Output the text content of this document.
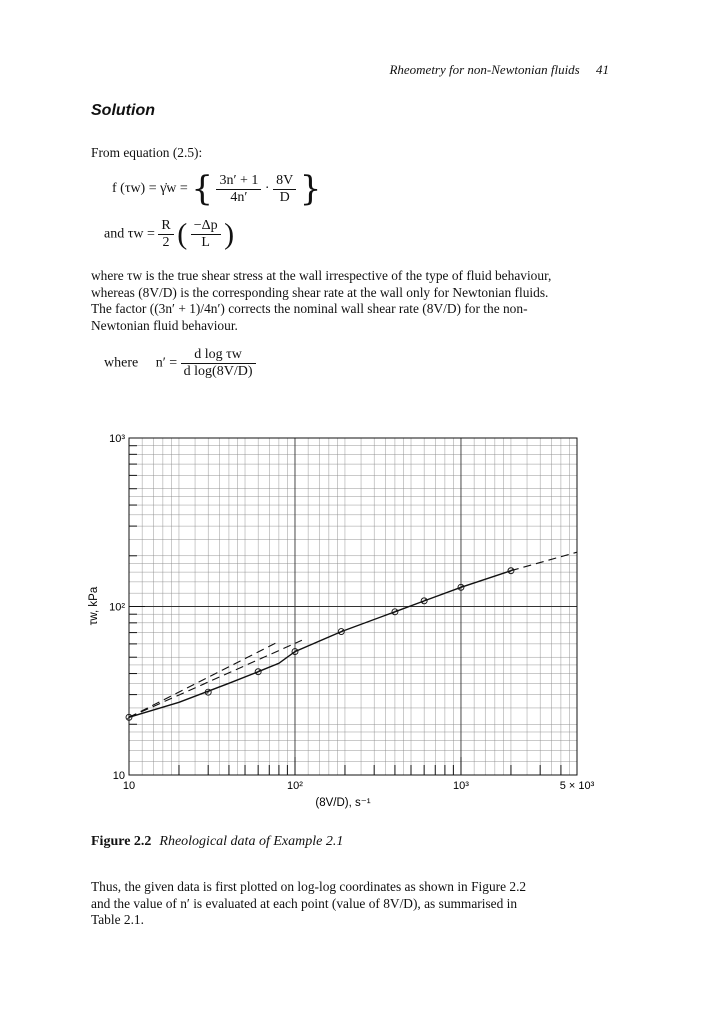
Rheometry for non-Newtonian fluids 41
Solution
From equation (2.5):
f (τw) = γ̇w = { $\frac{3n' + 1}{4n'} \cdot \frac{8V}{D}$ }
and $\tau w = \frac{R}{2}$ ( $\frac{-\Delta p}{L}$ )
where τw is the true shear stress at the wall irrespective of the type of fluid behaviour,
whereas (8V/D) is the corresponding shear rate at the wall only for Newtonian fluids.
The factor ((3n′ + 1)/4n′) corrects the nominal wall shear rate (8V/D) for the non-
Newtonian fluid behaviour.
where $n' = \frac{\text{d log τw}}{\text{d log(8V/D)}}$
10	10²	10³	5 × 10³
10
10²
10³
(8V/D), s⁻¹
τw, kPa
Figure 2.2 Rheological data of Example 2.1
Thus, the given data is first plotted on log-log coordinates as shown in Figure 2.2
and the value of n′ is evaluated at each point (value of 8V/D), as summarised in
Table 2.1.
